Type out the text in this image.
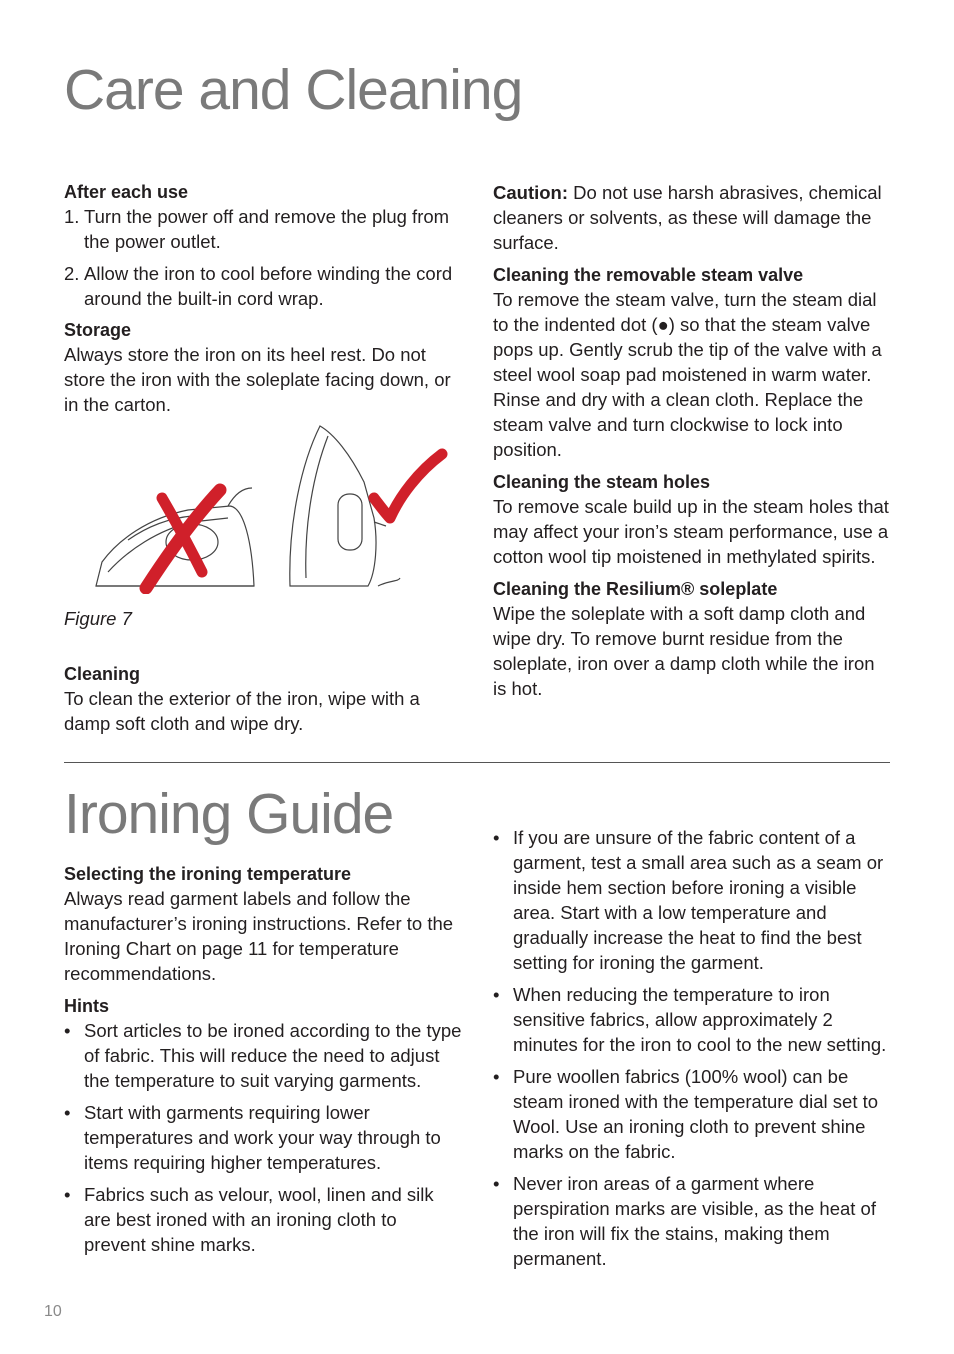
Care and Cleaning

After each use

1. Turn the power off and remove the plug from the power outlet.
2. Allow the iron to cool before winding the cord around the built-in cord wrap.

Storage

Always store the iron on its heel rest. Do not store the iron with the soleplate facing down, or in the carton.

Figure 7

Cleaning

To clean the exterior of the iron, wipe with a damp soft cloth and wipe dry.

Caution: Do not use harsh abrasives, chemical cleaners or solvents, as these will damage the surface.

Cleaning the removable steam valve

To remove the steam valve, turn the steam dial to the indented dot (●) so that the steam valve pops up. Gently scrub the tip of the valve with a steel wool soap pad moistened in warm water. Rinse and dry with a clean cloth. Replace the steam valve and turn clockwise to lock into position.

Cleaning the steam holes

To remove scale build up in the steam holes that may affect your iron’s steam performance, use a cotton wool tip moistened in methylated spirits.

Cleaning the Resilium® soleplate

Wipe the soleplate with a soft damp cloth and wipe dry. To remove burnt residue from the soleplate, iron over a damp cloth while the iron is hot.

Ironing Guide

Selecting the ironing temperature

Always read garment labels and follow the manufacturer’s ironing instructions. Refer to the Ironing Chart on page 11 for temperature recommendations.

Hints

• Sort articles to be ironed according to the type of fabric. This will reduce the need to adjust the temperature to suit varying garments.
• Start with garments requiring lower temperatures and work your way through to items requiring higher temperatures.
• Fabrics such as velour, wool, linen and silk are best ironed with an ironing cloth to prevent shine marks.
• If you are unsure of the fabric content of a garment, test a small area such as a seam or inside hem section before ironing a visible area. Start with a low temperature and gradually increase the heat to find the best setting for ironing the garment.
• When reducing the temperature to iron sensitive fabrics, allow approximately 2 minutes for the iron to cool to the new setting.
• Pure woollen fabrics (100% wool) can be steam ironed with the temperature dial set to Wool. Use an ironing cloth to prevent shine marks on the fabric.
• Never iron areas of a garment where perspiration marks are visible, as the heat of the iron will fix the stains, making them permanent.
10
